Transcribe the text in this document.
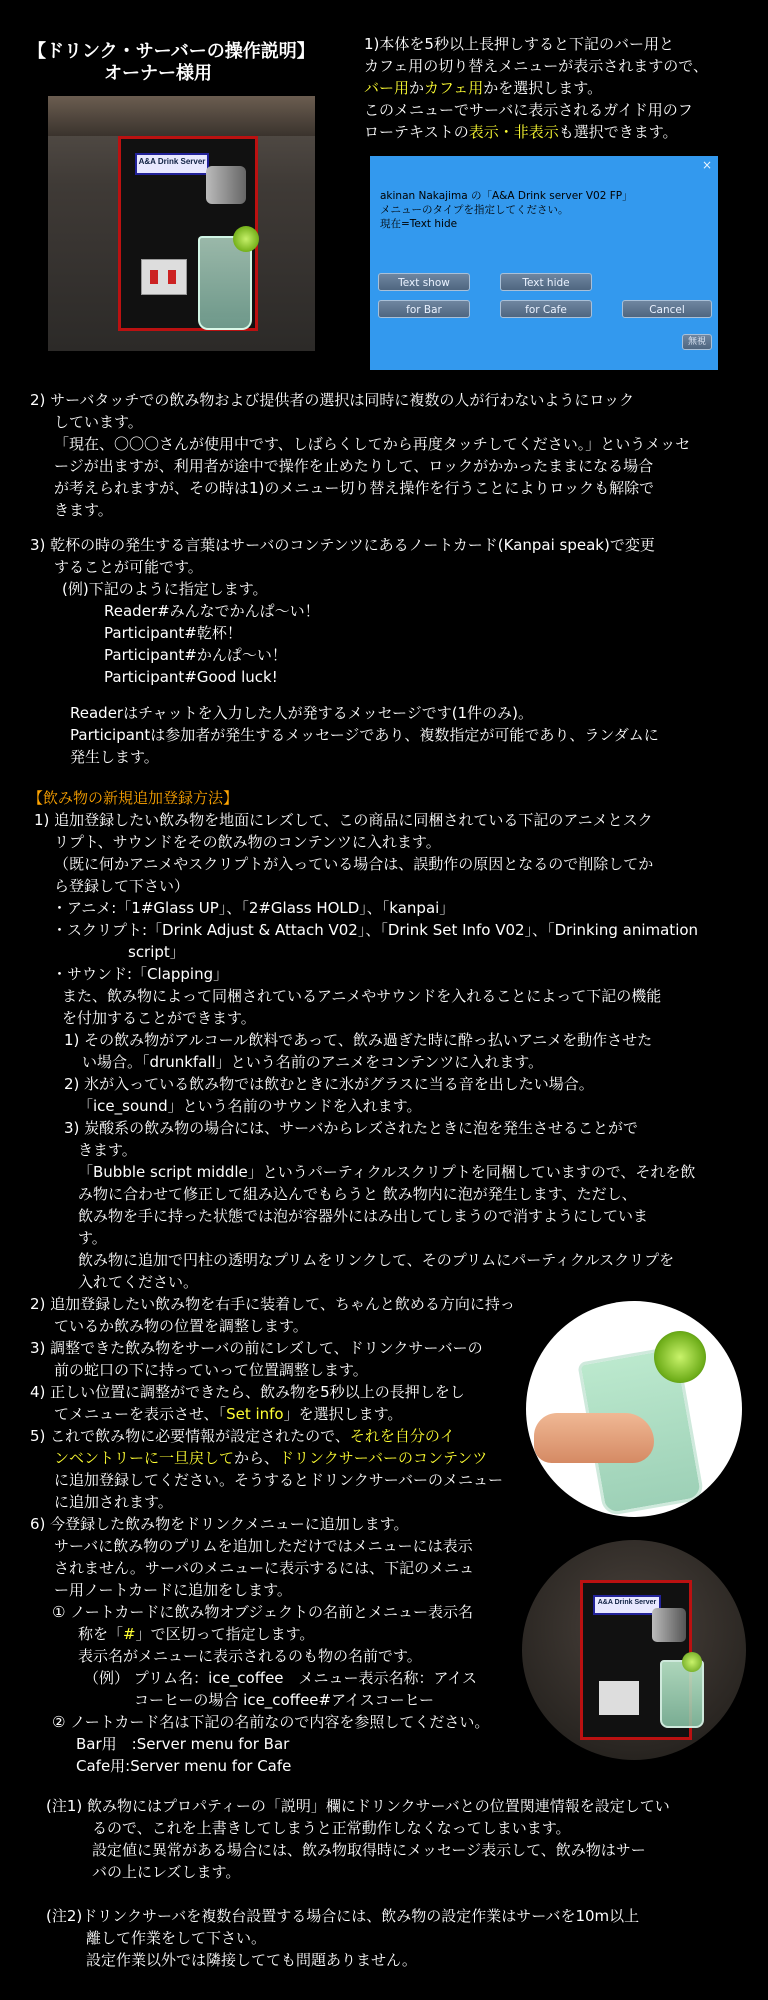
【ドリンク・サーバーの操作説明】
オーナー様用
A&A Drink Server
1)本体を5秒以上長押しすると下記のバー用と
カフェ用の切り替えメニューが表示されますので、
バー用かカフェ用かを選択します。
このメニューでサーバに表示されるガイド用のフ
ローテキストの表示・非表示も選択できます。
×
akinan Nakajima の「A&A Drink server V02 FP」
メニューのタイプを指定してください。
現在=Text hide
Text show	Text hide
for Bar	for Cafe	Cancel
無視
2) サーバタッチでの飲み物および提供者の選択は同時に複数の人が行わないようにロック
しています。
「現在、〇〇〇さんが使用中です、しばらくしてから再度タッチしてください。」というメッセ
ージが出ますが、利用者が途中で操作を止めたりして、ロックがかかったままになる場合
が考えられますが、その時は1)のメニュー切り替え操作を行うことによりロックも解除で
きます。
3) 乾杯の時の発生する言葉はサーバのコンテンツにあるノートカード(Kanpai speak)で変更
することが可能です。
(例)下記のように指定します。
Reader#みんなでかんぱ～い！
Participant#乾杯！
Participant#かんぱ～い！
Participant#Good luck!
Readerはチャットを入力した人が発するメッセージです(1件のみ)。
Participantは参加者が発生するメッセージであり、複数指定が可能であり、ランダムに
発生します。
【飲み物の新規追加登録方法】
1) 追加登録したい飲み物を地面にレズして、この商品に同梱されている下記のアニメとスク
リプト、サウンドをその飲み物のコンテンツに入れます。
（既に何かアニメやスクリプトが入っている場合は、誤動作の原因となるので削除してか
ら登録して下さい）
・アニメ:「1#Glass UP」、「2#Glass HOLD」、「kanpai」
・スクリプト:「Drink Adjust & Attach V02」、「Drink Set Info V02」、「Drinking animation
script」
・サウンド:「Clapping」
また、飲み物によって同梱されているアニメやサウンドを入れることによって下記の機能
を付加することができます。
1) その飲み物がアルコール飲料であって、飲み過ぎた時に酔っ払いアニメを動作させた
い場合。「drunkfall」という名前のアニメをコンテンツに入れます。
2) 氷が入っている飲み物では飲むときに氷がグラスに当る音を出したい場合。
「ice_sound」という名前のサウンドを入れます。
3) 炭酸系の飲み物の場合には、サーバからレズされたときに泡を発生させることがで
きます。
「Bubble script middle」というパーティクルスクリプトを同梱していますので、それを飲
み物に合わせて修正して組み込んでもらうと 飲み物内に泡が発生します、ただし、
飲み物を手に持った状態では泡が容器外にはみ出してしまうので消すようにしていま
す。
飲み物に追加で円柱の透明なプリムをリンクして、そのプリムにパーティクルスクリプを
入れてください。
2) 追加登録したい飲み物を右手に装着して、ちゃんと飲める方向に持っ
ているか飲み物の位置を調整します。
3) 調整できた飲み物をサーバの前にレズして、ドリンクサーバーの
前の蛇口の下に持っていって位置調整します。
4) 正しい位置に調整ができたら、飲み物を5秒以上の長押しをし
てメニューを表示させ、「Set info」を選択します。
5) これで飲み物に必要情報が設定されたので、それを自分のイ
ンベントリーに一旦戻してから、ドリンクサーバーのコンテンツ
に追加登録してください。そうするとドリンクサーバーのメニュー
に追加されます。
6) 今登録した飲み物をドリンクメニューに追加します。
サーバに飲み物のプリムを追加しただけではメニューには表示
されません。サーバのメニューに表示するには、下記のメニュ
ー用ノートカードに追加をします。
① ノートカードに飲み物オブジェクトの名前とメニュー表示名
称を「#」で区切って指定します。
表示名がメニューに表示されるのも物の名前です。
（例） プリム名：ice_coffee　メニュー表示名称：アイス
コーヒーの場合 ice_coffee#アイスコーヒー
② ノートカード名は下記の名前なので内容を参照してください。
Bar用　:Server menu for Bar
Cafe用:Server menu for Cafe
(注1) 飲み物にはプロパティーの「説明」欄にドリンクサーバとの位置関連情報を設定してい
るので、これを上書きしてしまうと正常動作しなくなってしまいます。
設定値に異常がある場合には、飲み物取得時にメッセージ表示して、飲み物はサー
バの上にレズします。
(注2)ドリンクサーバを複数台設置する場合には、飲み物の設定作業はサーバを10m以上
離して作業をして下さい。
設定作業以外では隣接してても問題ありません。
A&A Drink Server
